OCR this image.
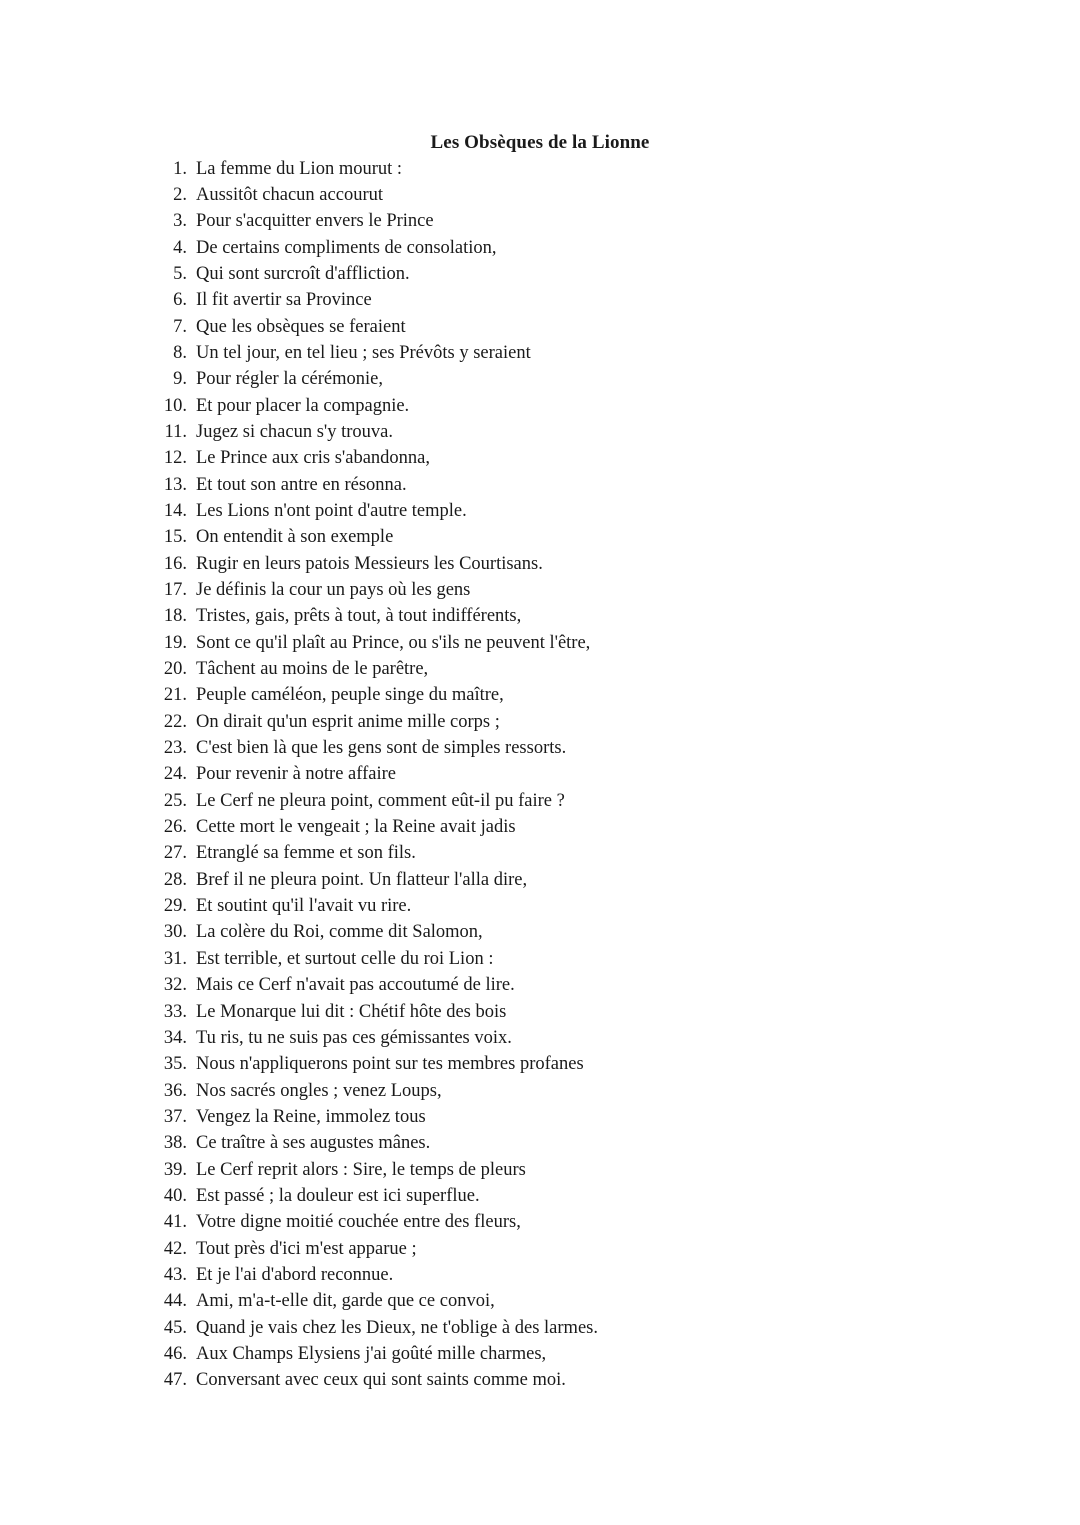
Les Obsèques de la Lionne
1. La femme du Lion mourut :
2. Aussitôt chacun accourut
3. Pour s'acquitter envers le Prince
4. De certains compliments de consolation,
5. Qui sont surcroît d'affliction.
6. Il fit avertir sa Province
7. Que les obsèques se feraient
8. Un tel jour, en tel lieu ; ses Prévôts y seraient
9. Pour régler la cérémonie,
10. Et pour placer la compagnie.
11. Jugez si chacun s'y trouva.
12. Le Prince aux cris s'abandonna,
13. Et tout son antre en résonna.
14. Les Lions n'ont point d'autre temple.
15. On entendit à son exemple
16. Rugir en leurs patois Messieurs les Courtisans.
17. Je définis la cour un pays où les gens
18. Tristes, gais, prêts à tout, à tout indifférents,
19. Sont ce qu'il plaît au Prince, ou s'ils ne peuvent l'être,
20. Tâchent au moins de le parêtre,
21. Peuple caméléon, peuple singe du maître,
22. On dirait qu'un esprit anime mille corps ;
23. C'est bien là que les gens sont de simples ressorts.
24. Pour revenir à notre affaire
25. Le Cerf ne pleura point, comment eût-il pu faire ?
26. Cette mort le vengeait ; la Reine avait jadis
27. Etranglé sa femme et son fils.
28. Bref il ne pleura point. Un flatteur l'alla dire,
29. Et soutint qu'il l'avait vu rire.
30. La colère du Roi, comme dit Salomon,
31. Est terrible, et surtout celle du roi Lion :
32. Mais ce Cerf n'avait pas accoutumé de lire.
33. Le Monarque lui dit : Chétif hôte des bois
34. Tu ris, tu ne suis pas ces gémissantes voix.
35. Nous n'appliquerons point sur tes membres profanes
36. Nos sacrés ongles ; venez Loups,
37. Vengez la Reine, immolez tous
38. Ce traître à ses augustes mânes.
39. Le Cerf reprit alors : Sire, le temps de pleurs
40. Est passé ; la douleur est ici superflue.
41. Votre digne moitié couchée entre des fleurs,
42. Tout près d'ici m'est apparue ;
43. Et je l'ai d'abord reconnue.
44. Ami, m'a-t-elle dit, garde que ce convoi,
45. Quand je vais chez les Dieux, ne t'oblige à des larmes.
46. Aux Champs Elysiens j'ai goûté mille charmes,
47. Conversant avec ceux qui sont saints comme moi.
